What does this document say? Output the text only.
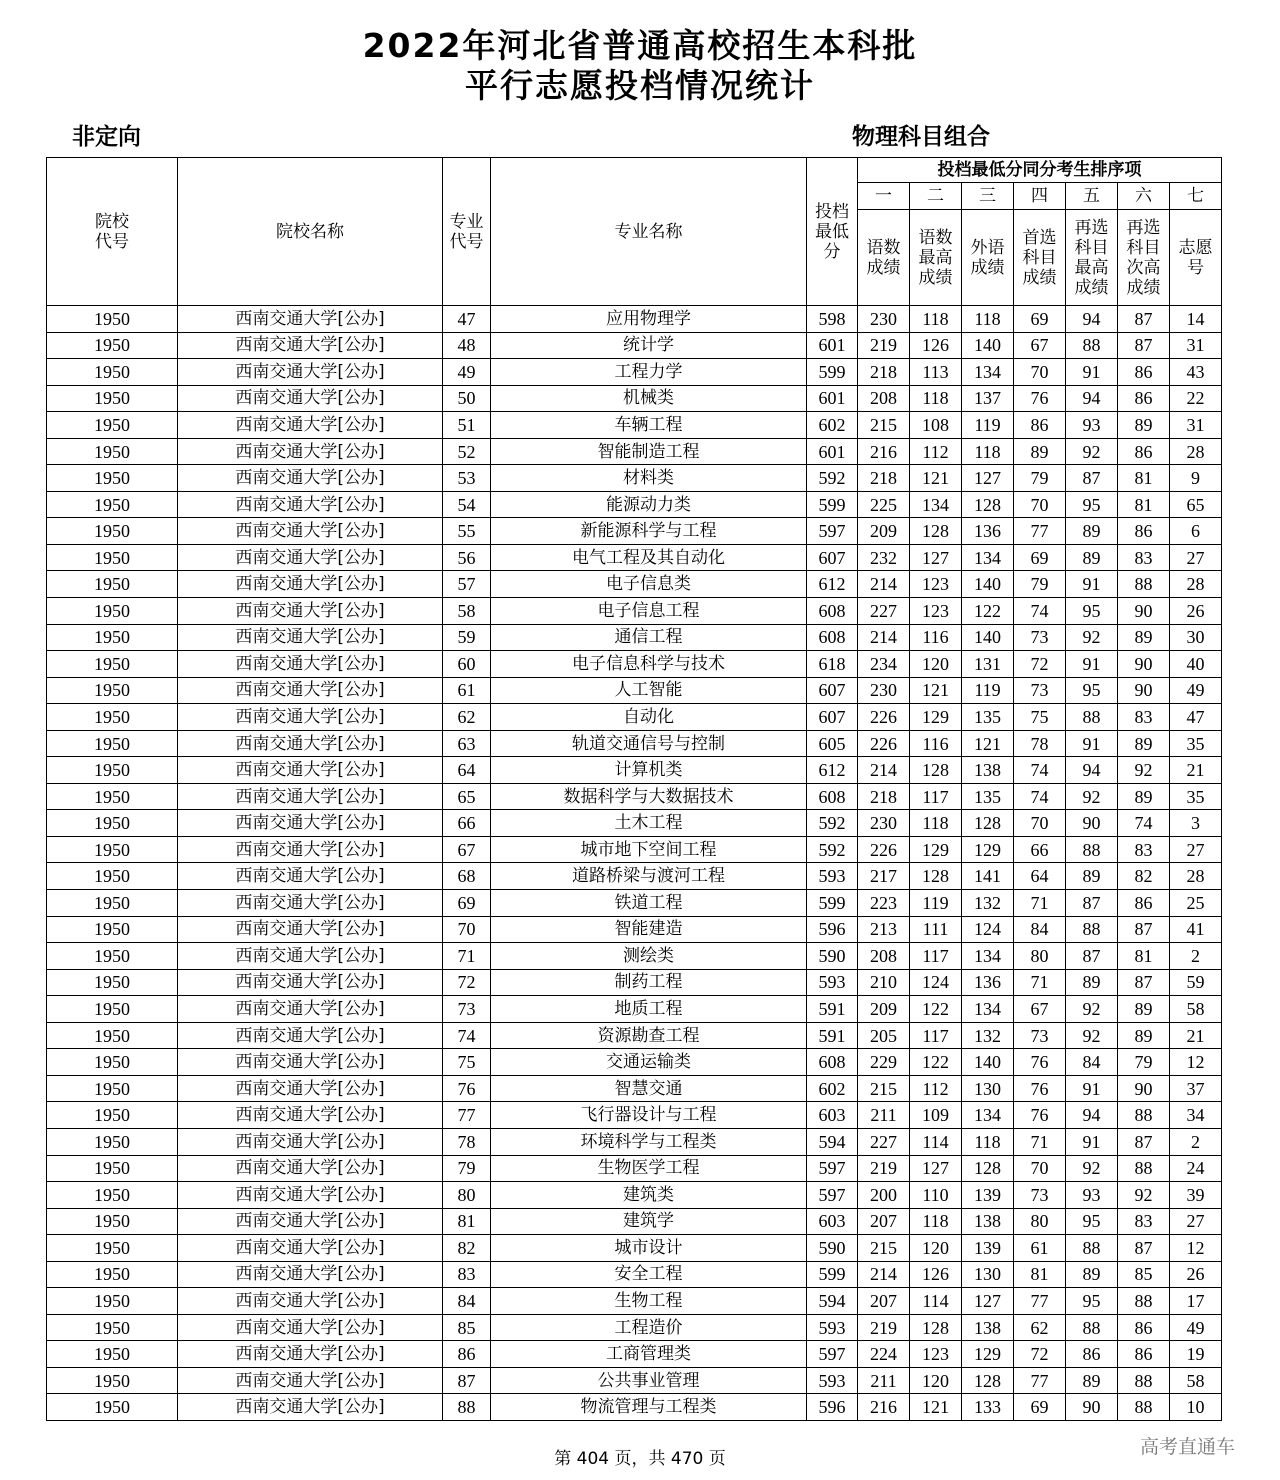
2022年河北省普通高校招生本科批
平行志愿投档情况统计
非定向	物理科目组合
院校代号	院校名称	专业代号	专业名称	投档最低分	投档最低分同分考生排序项						
					一	二	三	四	五	六	七

					语数成绩	语数最高成绩	外语成绩	首选科目成绩	再选科目最高成绩	再选科目次高成绩	志愿号

1950	西南交通大学[公办]	47	应用物理学	598	230	118	118	69	94	87	14
1950	西南交通大学[公办]	48	统计学	601	219	126	140	67	88	87	31
1950	西南交通大学[公办]	49	工程力学	599	218	113	134	70	91	86	43
1950	西南交通大学[公办]	50	机械类	601	208	118	137	76	94	86	22
1950	西南交通大学[公办]	51	车辆工程	602	215	108	119	86	93	89	31
1950	西南交通大学[公办]	52	智能制造工程	601	216	112	118	89	92	86	28
1950	西南交通大学[公办]	53	材料类	592	218	121	127	79	87	81	9
1950	西南交通大学[公办]	54	能源动力类	599	225	134	128	70	95	81	65
1950	西南交通大学[公办]	55	新能源科学与工程	597	209	128	136	77	89	86	6
1950	西南交通大学[公办]	56	电气工程及其自动化	607	232	127	134	69	89	83	27
1950	西南交通大学[公办]	57	电子信息类	612	214	123	140	79	91	88	28
1950	西南交通大学[公办]	58	电子信息工程	608	227	123	122	74	95	90	26
1950	西南交通大学[公办]	59	通信工程	608	214	116	140	73	92	89	30
1950	西南交通大学[公办]	60	电子信息科学与技术	618	234	120	131	72	91	90	40
1950	西南交通大学[公办]	61	人工智能	607	230	121	119	73	95	90	49
1950	西南交通大学[公办]	62	自动化	607	226	129	135	75	88	83	47
1950	西南交通大学[公办]	63	轨道交通信号与控制	605	226	116	121	78	91	89	35
1950	西南交通大学[公办]	64	计算机类	612	214	128	138	74	94	92	21
1950	西南交通大学[公办]	65	数据科学与大数据技术	608	218	117	135	74	92	89	35
1950	西南交通大学[公办]	66	土木工程	592	230	118	128	70	90	74	3
1950	西南交通大学[公办]	67	城市地下空间工程	592	226	129	129	66	88	83	27
1950	西南交通大学[公办]	68	道路桥梁与渡河工程	593	217	128	141	64	89	82	28
1950	西南交通大学[公办]	69	铁道工程	599	223	119	132	71	87	86	25
1950	西南交通大学[公办]	70	智能建造	596	213	111	124	84	88	87	41
1950	西南交通大学[公办]	71	测绘类	590	208	117	134	80	87	81	2
1950	西南交通大学[公办]	72	制药工程	593	210	124	136	71	89	87	59
1950	西南交通大学[公办]	73	地质工程	591	209	122	134	67	92	89	58
1950	西南交通大学[公办]	74	资源勘查工程	591	205	117	132	73	92	89	21
1950	西南交通大学[公办]	75	交通运输类	608	229	122	140	76	84	79	12
1950	西南交通大学[公办]	76	智慧交通	602	215	112	130	76	91	90	37
1950	西南交通大学[公办]	77	飞行器设计与工程	603	211	109	134	76	94	88	34
1950	西南交通大学[公办]	78	环境科学与工程类	594	227	114	118	71	91	87	2
1950	西南交通大学[公办]	79	生物医学工程	597	219	127	128	70	92	88	24
1950	西南交通大学[公办]	80	建筑类	597	200	110	139	73	93	92	39
1950	西南交通大学[公办]	81	建筑学	603	207	118	138	80	95	83	27
1950	西南交通大学[公办]	82	城市设计	590	215	120	139	61	88	87	12
1950	西南交通大学[公办]	83	安全工程	599	214	126	130	81	89	85	26
1950	西南交通大学[公办]	84	生物工程	594	207	114	127	77	95	88	17
1950	西南交通大学[公办]	85	工程造价	593	219	128	138	62	88	86	49
1950	西南交通大学[公办]	86	工商管理类	597	224	123	129	72	86	86	19
1950	西南交通大学[公办]	87	公共事业管理	593	211	120	128	77	89	88	58
1950	西南交通大学[公办]	88	物流管理与工程类	596	216	121	133	69	90	88	10
第 404 页，共 470 页
高考直通车
